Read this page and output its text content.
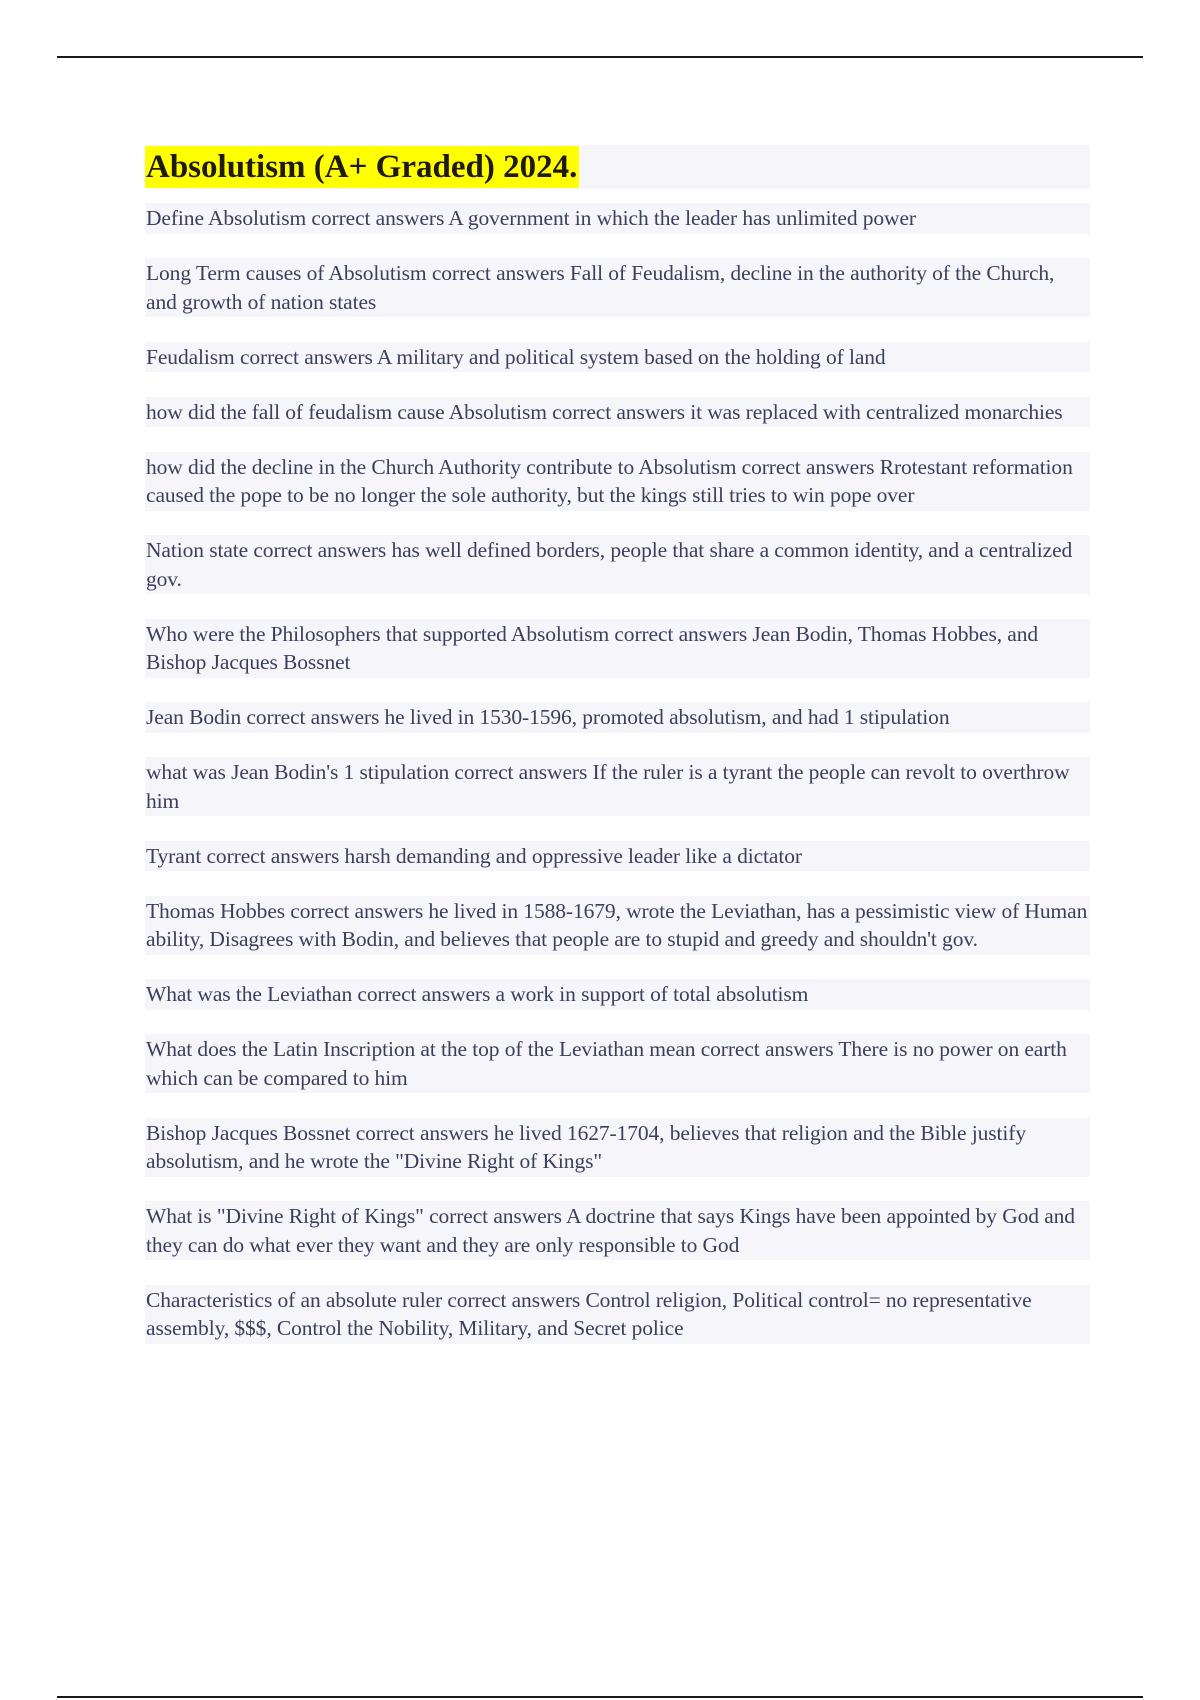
Absolutism (A+ Graded) 2024.
Define Absolutism correct answers A government in which the leader has unlimited power
Long Term causes of Absolutism correct answers Fall of Feudalism, decline in the authority of the Church, and growth of nation states
Feudalism correct answers A military and political system based on the holding of land
how did the fall of feudalism cause Absolutism correct answers it was replaced with centralized monarchies
how did the decline in the Church Authority contribute to Absolutism correct answers Rrotestant reformation caused the pope to be no longer the sole authority, but the kings still tries to win pope over
Nation state correct answers has well defined borders, people that share a common identity, and a centralized gov.
Who were the Philosophers that supported Absolutism correct answers Jean Bodin, Thomas Hobbes, and Bishop Jacques Bossnet
Jean Bodin correct answers he lived in 1530-1596, promoted absolutism, and had 1 stipulation
what was Jean Bodin's 1 stipulation correct answers If the ruler is a tyrant the people can revolt to overthrow him
Tyrant correct answers harsh demanding and oppressive leader like a dictator
Thomas Hobbes correct answers he lived in 1588-1679, wrote the Leviathan, has a pessimistic view of Human ability, Disagrees with Bodin, and believes that people are to stupid and greedy and shouldn't gov.
What was the Leviathan correct answers a work in support of total absolutism
What does the Latin Inscription at the top of the Leviathan mean correct answers There is no power on earth which can be compared to him
Bishop Jacques Bossnet correct answers he lived 1627-1704, believes that religion and the Bible justify absolutism, and he wrote the "Divine Right of Kings"
What is "Divine Right of Kings" correct answers A doctrine that says Kings have been appointed by God and they can do what ever they want and they are only responsible to God
Characteristics of an absolute ruler correct answers Control religion, Political control= no representative assembly, $$$, Control the Nobility, Military, and Secret police
